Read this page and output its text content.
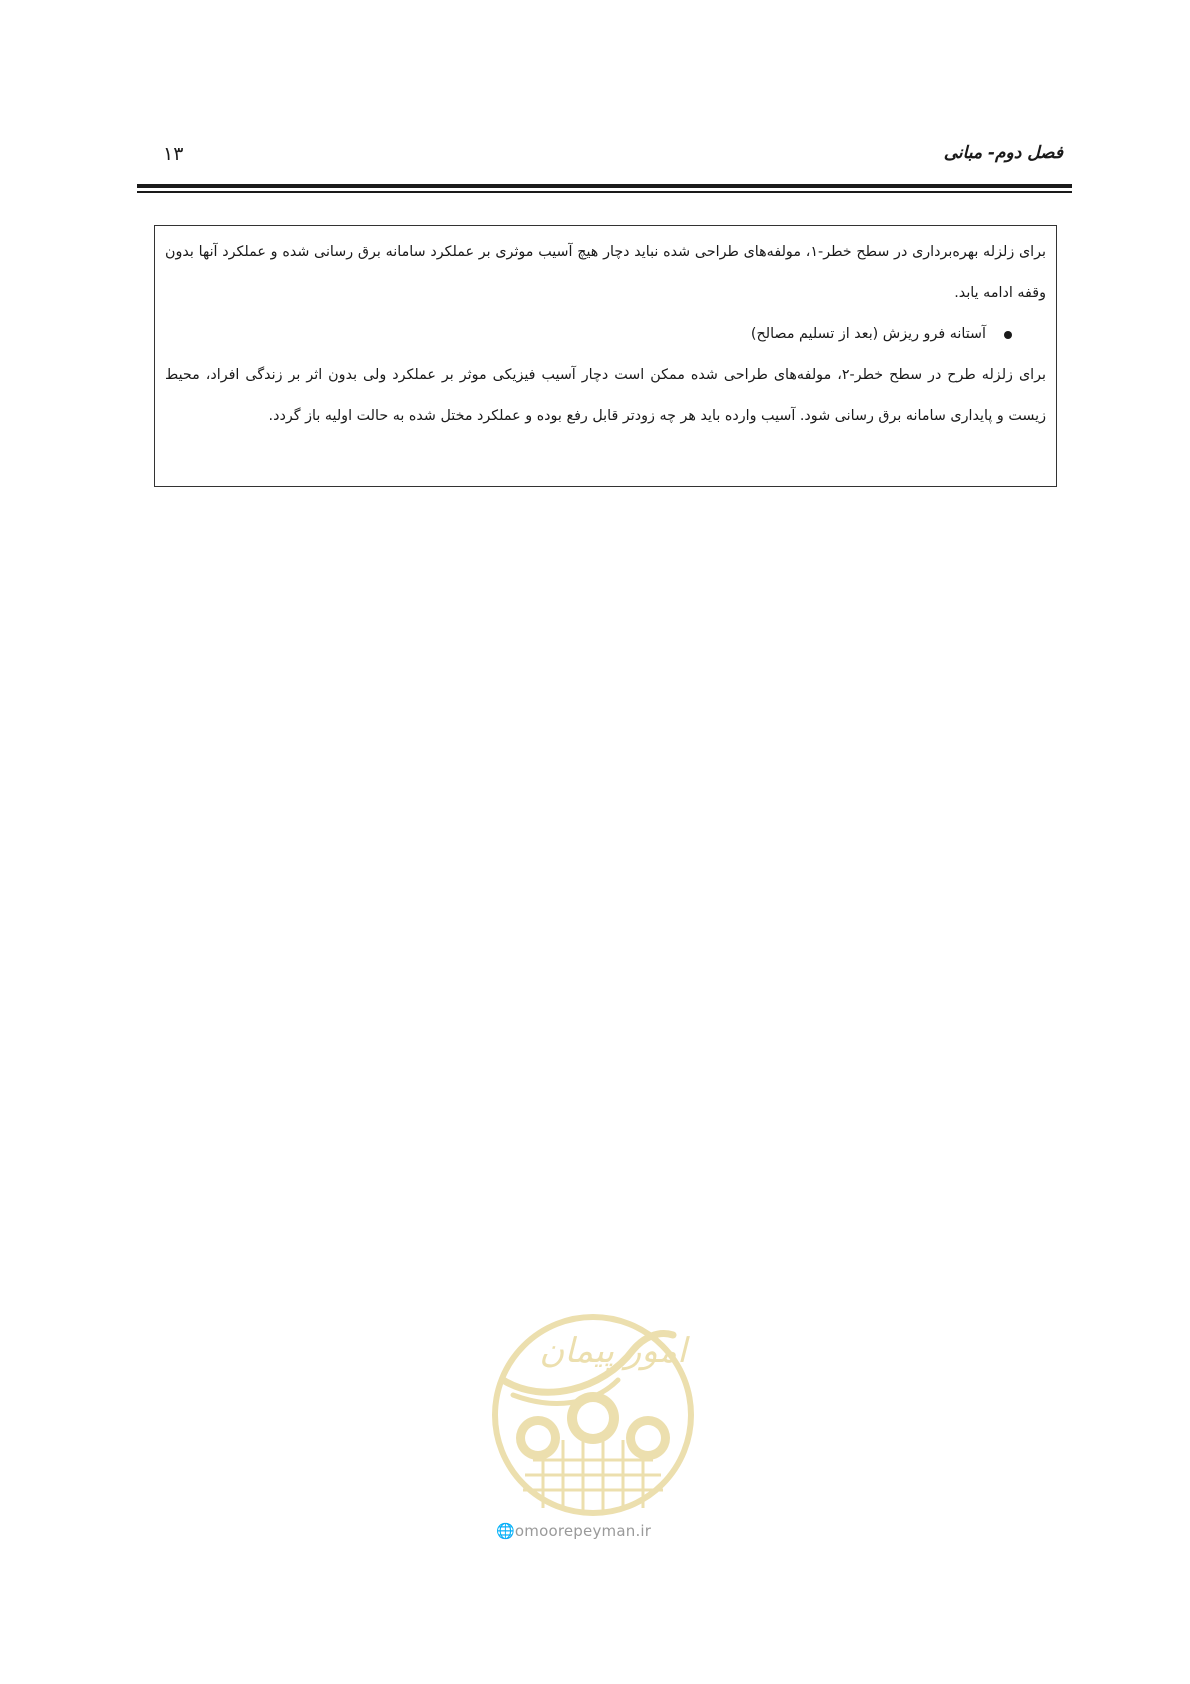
۱۳	فصل دوم- مبانی

برای زلزله بهره‌برداری در سطح خطر-۱، مولفه‌های طراحی شده نباید دچار هیچ آسیب موثری بر عملکرد سامانه برق رسانی شده و عملکرد آنها بدون وقفه ادامه یابد.

آستانه فرو ریزش (بعد از تسلیم مصالح)

برای زلزله طرح در سطح خطر-۲، مولفه‌های طراحی شده ممکن است دچار آسیب فیزیکی موثر بر عملکرد ولی بدون اثر بر زندگی افراد، محیط زیست و پایداری سامانه برق رسانی شود. آسیب وارده باید هر چه زودتر قابل رفع بوده و عملکرد مختل شده به حالت اولیه باز گردد.

امور پیمان
🌐omoorepeyman.ir
